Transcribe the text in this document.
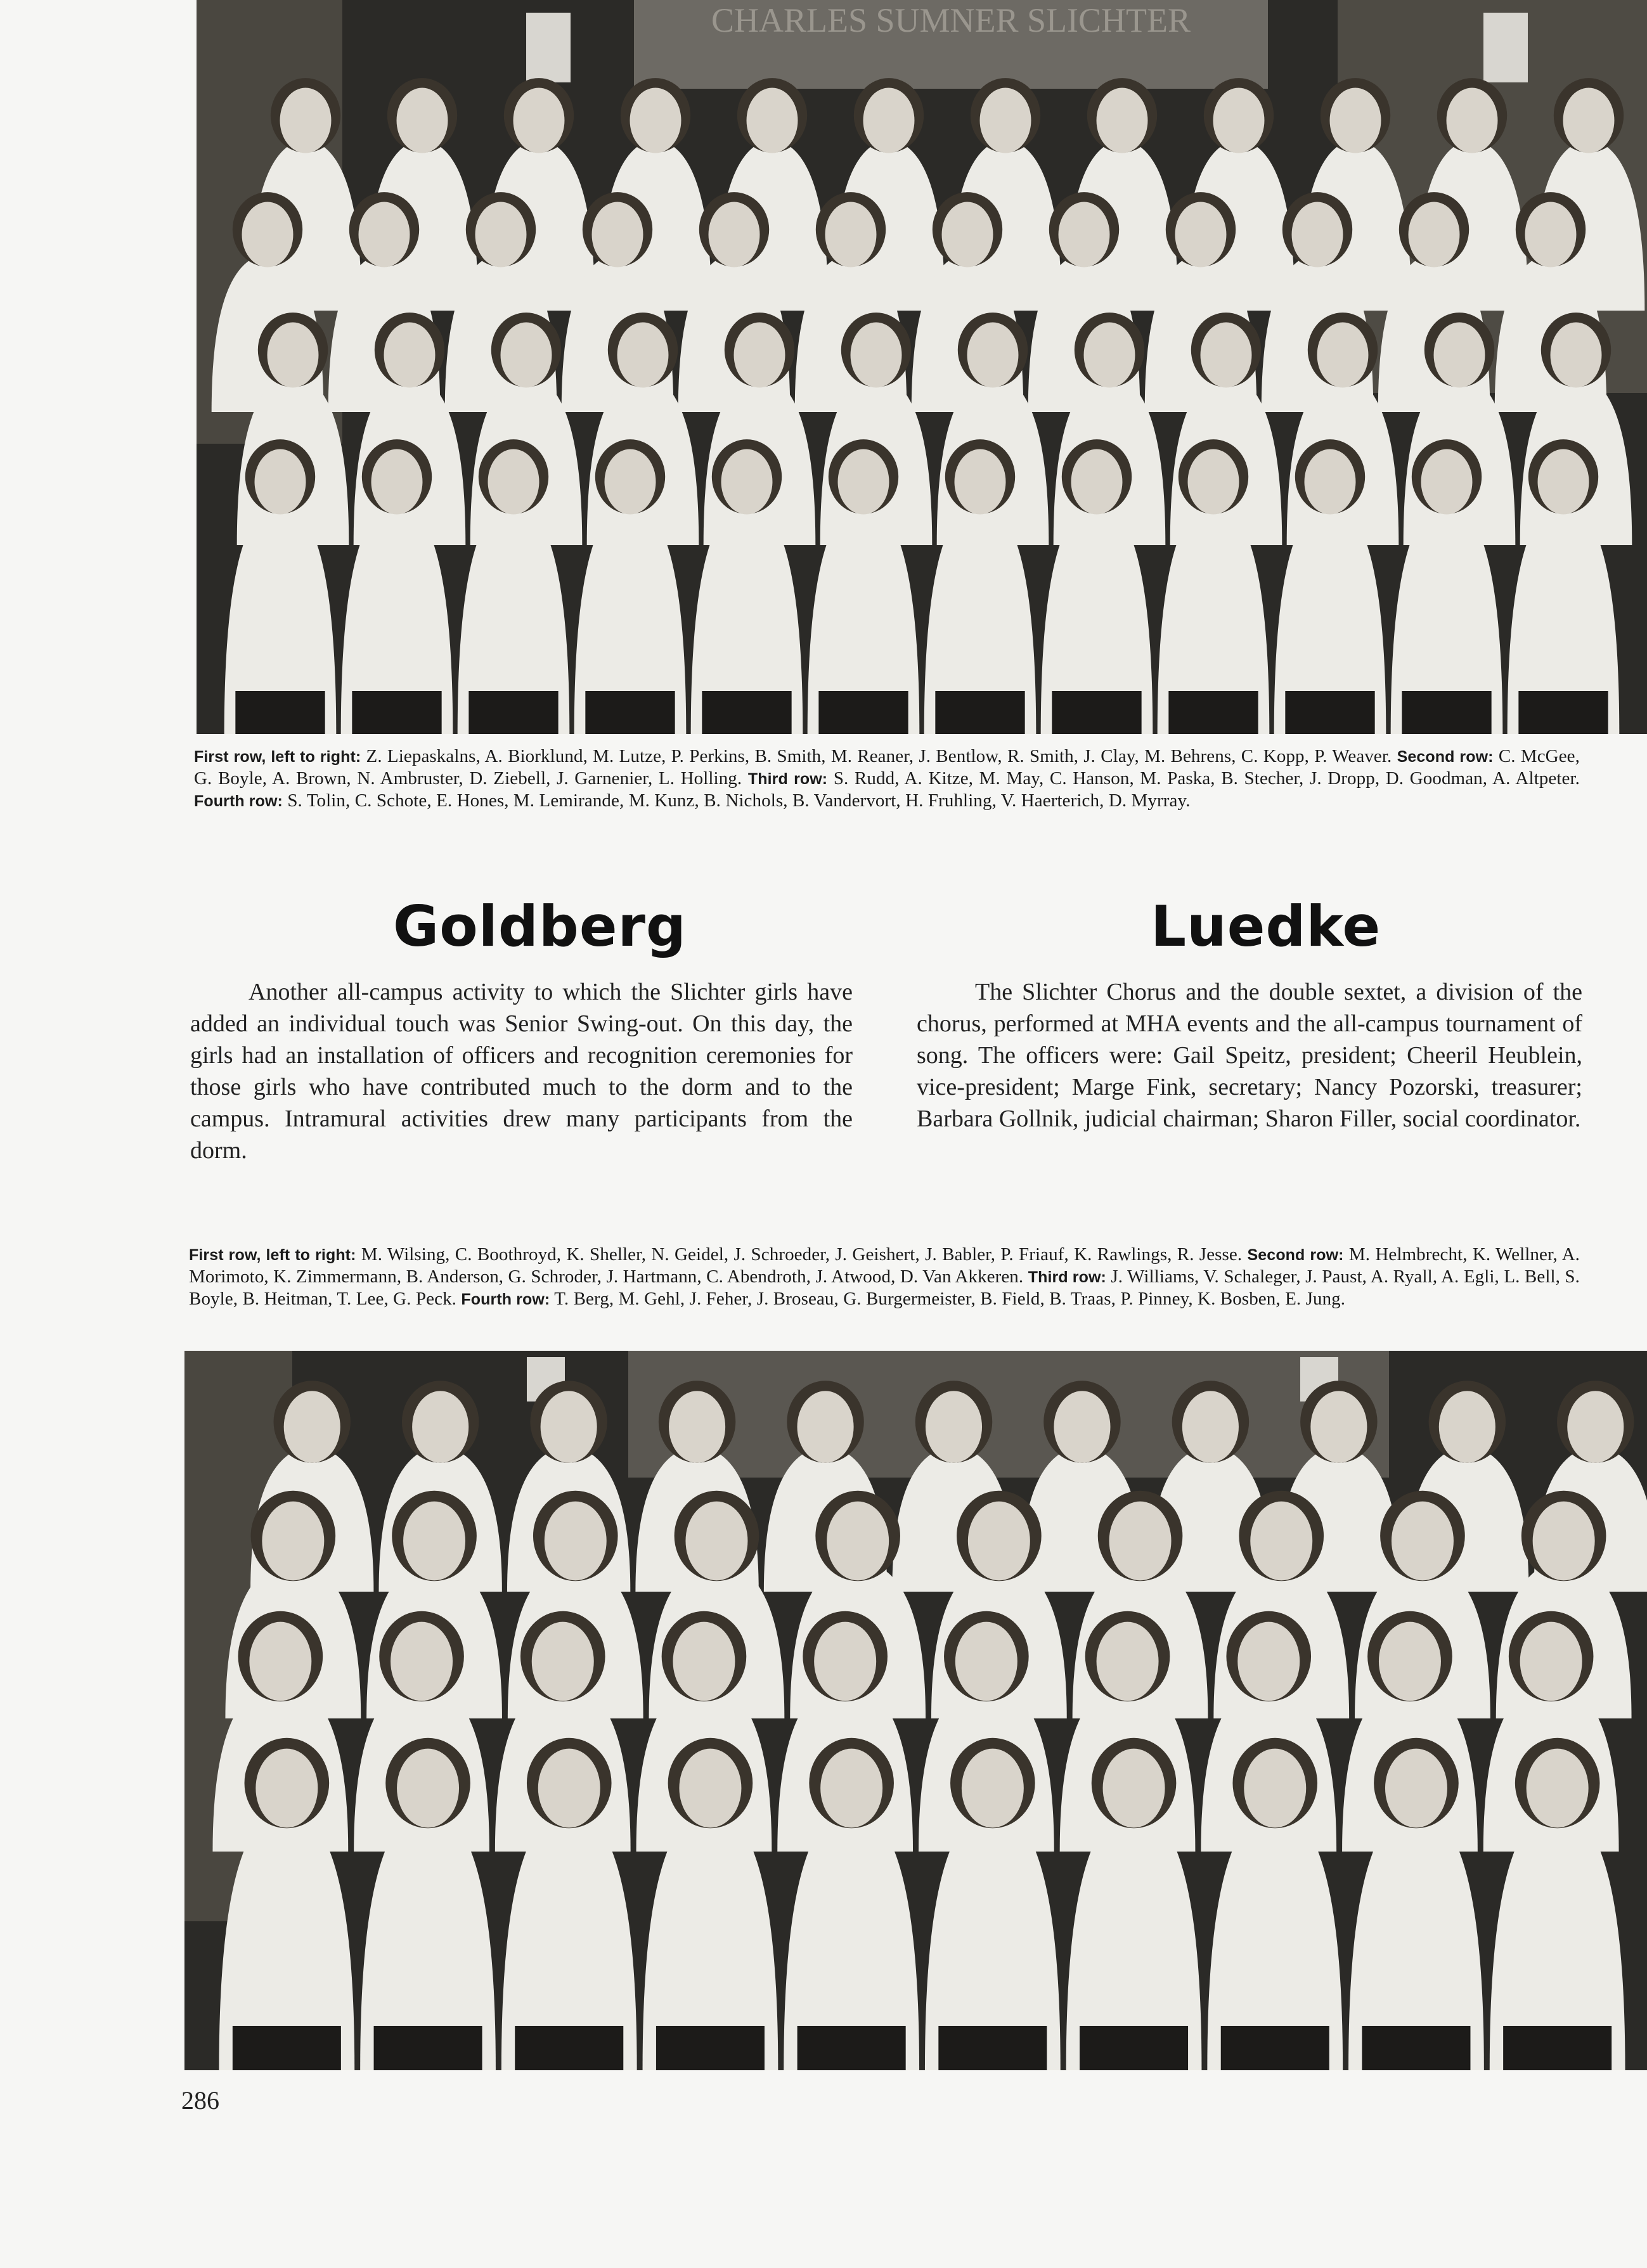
CHARLES SUMNER SLICHTER
First row, left to right: Z. Liepaskalns, A. Biorklund, M. Lutze, P. Perkins, B. Smith, M. Reaner, J. Bentlow, R. Smith, J. Clay, M. Behrens, C. Kopp, P. Weaver. Second row: C. McGee, G. Boyle, A. Brown, N. Ambruster, D. Ziebell, J. Garnenier, L. Holling. Third row: S. Rudd, A. Kitze, M. May, C. Hanson, M. Paska, B. Stecher, J. Dropp, D. Goodman, A. Altpeter. Fourth row: S. Tolin, C. Schote, E. Hones, M. Lemirande, M. Kunz, B. Nichols, B. Vandervort, H. Fruhling, V. Haerterich, D. Myrray.
Goldberg	Luedke

Another all-campus activity to which the Slichter girls have added an individual touch was Senior Swing-out. On this day, the girls had an installation of officers and recognition ceremonies for those girls who have contributed much to the dorm and to the campus. Intramural activities drew many participants from the dorm.

The Slichter Chorus and the double sextet, a division of the chorus, performed at MHA events and the all-campus tournament of song. The officers were: Gail Speitz, president; Cheeril Heublein, vice-president; Marge Fink, secretary; Nancy Pozorski, treasurer; Barbara Gollnik, judicial chairman; Sharon Filler, social coordinator.

First row, left to right: M. Wilsing, C. Boothroyd, K. Sheller, N. Geidel, J. Schroeder, J. Geishert, J. Babler, P. Friauf, K. Rawlings, R. Jesse. Second row: M. Helmbrecht, K. Wellner, A. Morimoto, K. Zimmermann, B. Anderson, G. Schroder, J. Hartmann, C. Abendroth, J. Atwood, D. Van Akkeren. Third row: J. Williams, V. Schaleger, J. Paust, A. Ryall, A. Egli, L. Bell, S. Boyle, B. Heitman, T. Lee, G. Peck. Fourth row: T. Berg, M. Gehl, J. Feher, J. Broseau, G. Burgermeister, B. Field, B. Traas, P. Pinney, K. Bosben, E. Jung.
286
